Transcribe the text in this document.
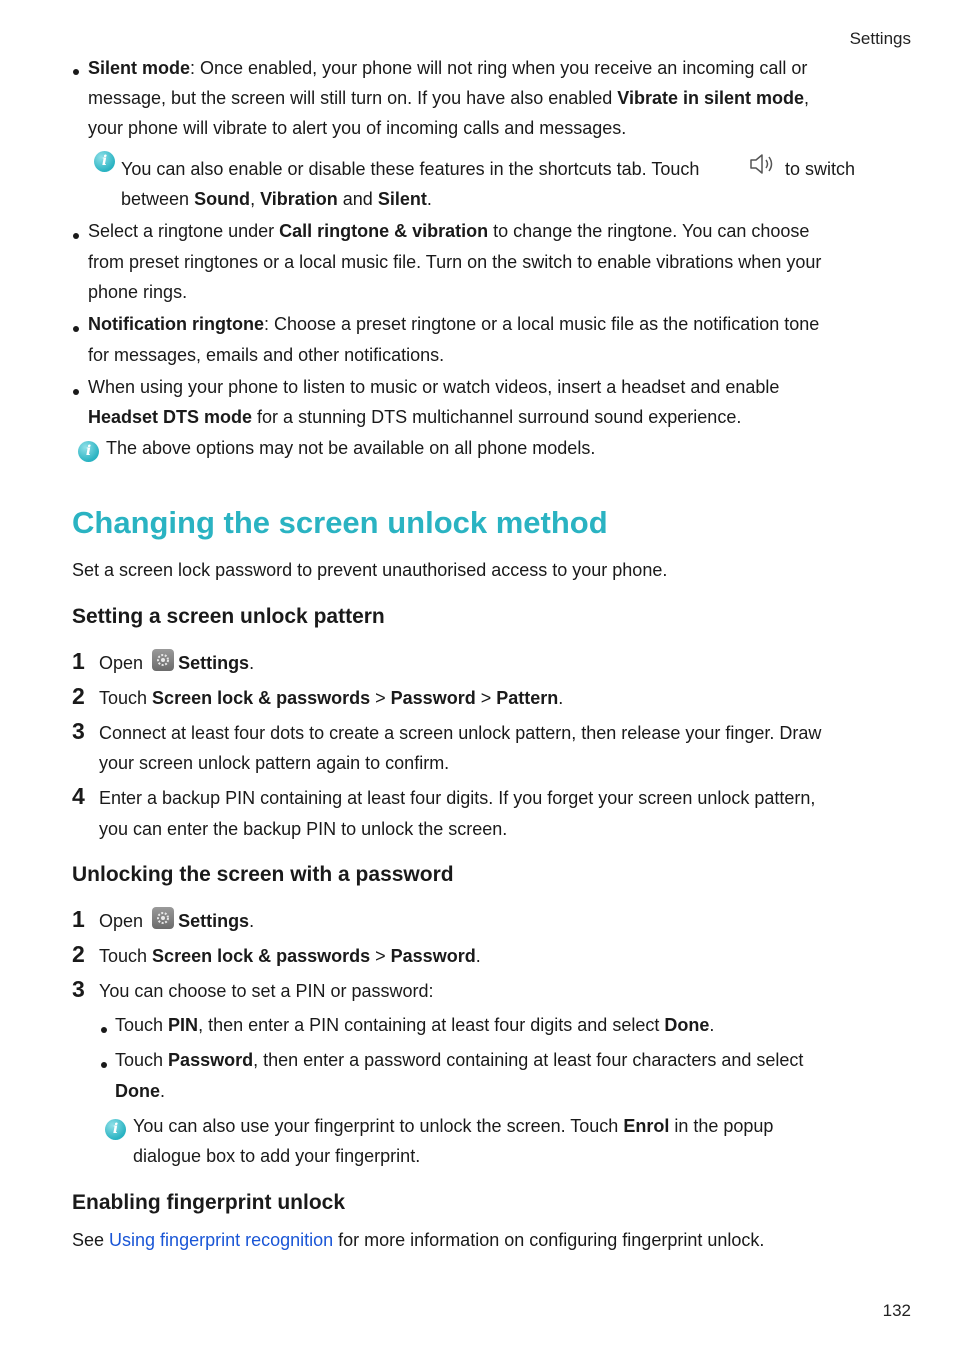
Settings
132
Silent mode: Once enabled, your phone will not ring when you receive an incoming call or
message, but the screen will still turn on. If you have also enabled Vibrate in silent mode,
your phone will vibrate to alert you of incoming calls and messages.
i You can also enable or disable these features in the shortcuts tab. Touch	to switch
between Sound, Vibration and Silent.
Select a ringtone under Call ringtone & vibration to change the ringtone. You can choose
from preset ringtones or a local music file. Turn on the switch to enable vibrations when your
phone rings.
Notification ringtone: Choose a preset ringtone or a local music file as the notification tone
for messages, emails and other notifications.
When using your phone to listen to music or watch videos, insert a headset and enable
Headset DTS mode for a stunning DTS multichannel surround sound experience.
i The above options may not be available on all phone models.
Changing the screen unlock method
Set a screen lock password to prevent unauthorised access to your phone.
Setting a screen unlock pattern
1 Open Settings.
2 Touch Screen lock & passwords > Password > Pattern.
3 Connect at least four dots to create a screen unlock pattern, then release your finger. Draw
your screen unlock pattern again to confirm.
4 Enter a backup PIN containing at least four digits. If you forget your screen unlock pattern,
you can enter the backup PIN to unlock the screen.
Unlocking the screen with a password
1 Open Settings.
2 Touch Screen lock & passwords > Password.
3 You can choose to set a PIN or password:
Touch PIN, then enter a PIN containing at least four digits and select Done.
Touch Password, then enter a password containing at least four characters and select
Done.
i You can also use your fingerprint to unlock the screen. Touch Enrol in the popup
dialogue box to add your fingerprint.
Enabling fingerprint unlock
See Using fingerprint recognition for more information on configuring fingerprint unlock.
